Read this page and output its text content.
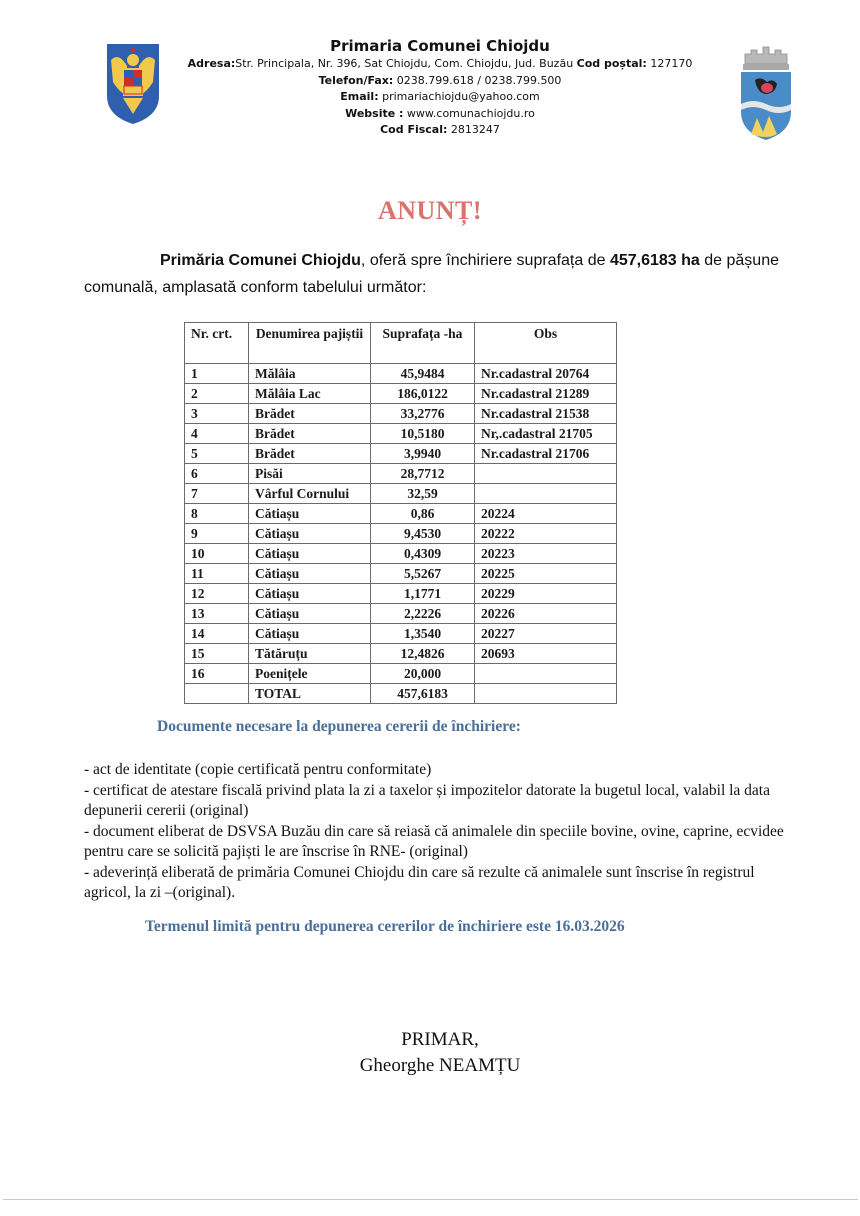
Primaria Comunei Chiojdu
Adresa:Str. Principala, Nr. 396, Sat Chiojdu, Com. Chiojdu, Jud. Buzău Cod poștal: 127170
Telefon/Fax: 0238.799.618 / 0238.799.500
Email: primariachiojdu@yahoo.com
Website : www.comunachiojdu.ro
Cod Fiscal: 2813247
ANUNȚ!
Primăria Comunei Chiojdu, oferă spre închiriere suprafața de 457,6183 ha de pășune comunală, amplasată conform tabelului următor:
Nr. crt.	Denumirea pajiștii	Suprafața -ha	Obs
1	Mălâia	45,9484	Nr.cadastral 20764
2	Mălâia Lac	186,0122	Nr.cadastral 21289
3	Brădet	33,2776	Nr.cadastral 21538
4	Brădet	10,5180	Nr,.cadastral 21705
5	Brădet	3,9940	Nr.cadastral 21706
6	Pisăi	28,7712	
7	Vârful Cornului	32,59	
8	Cătiașu	0,86	20224
9	Cătiașu	9,4530	20222
10	Cătiașu	0,4309	20223
11	Cătiașu	5,5267	20225
12	Cătiașu	1,1771	20229
13	Cătiașu	2,2226	20226
14	Cătiașu	1,3540	20227
15	Tătăruțu	12,4826	20693
16	Poenițele	20,000	
	TOTAL	457,6183	
Documente necesare la depunerea cererii de închiriere:

- act de identitate (copie certificată pentru conformitate)

- certificat de atestare fiscală privind plata la zi a taxelor și impozitelor datorate la bugetul local, valabil la data depunerii cererii (original)

- document eliberat de DSVSA Buzău din care să reiasă că animalele din speciile bovine, ovine, caprine, ecvidee pentru care se solicită pajiști le are înscrise în RNE- (original)

- adeverință eliberată de primăria Comunei Chiojdu din care să rezulte că animalele sunt înscrise în registrul agricol, la zi –(original).

Termenul limită pentru depunerea cererilor de închiriere este 16.03.2026
PRIMAR,
Gheorghe NEAMȚU
